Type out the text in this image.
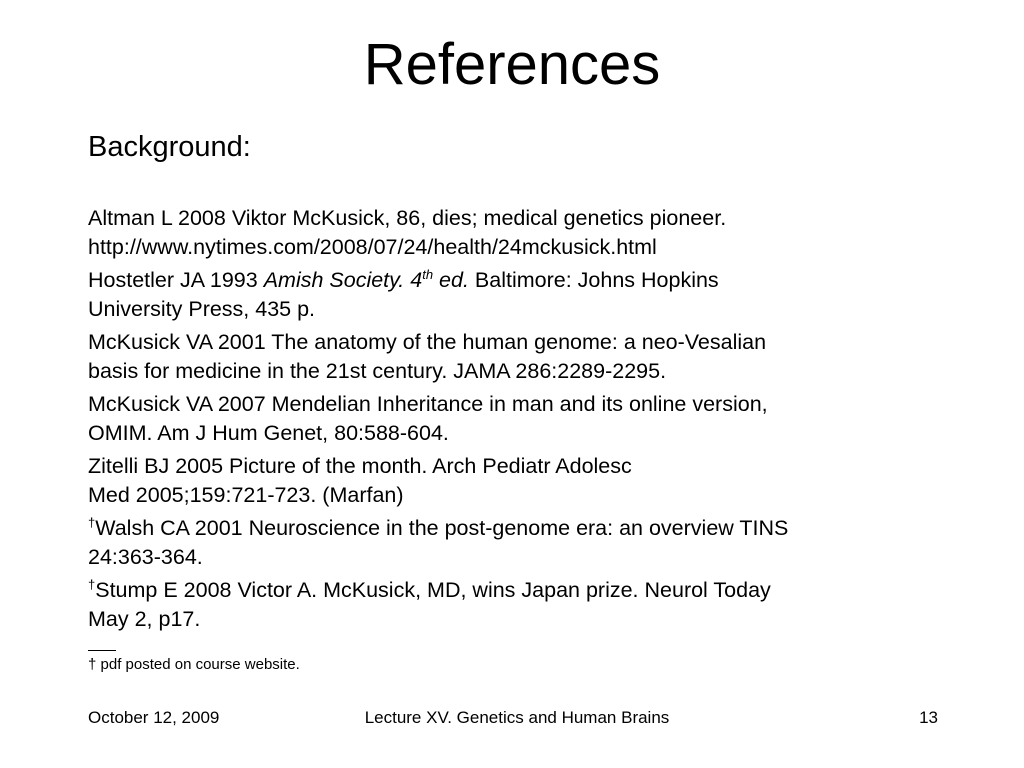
References
Background:

Altman L 2008 Viktor McKusick, 86, dies; medical genetics pioneer.
http://www.nytimes.com/2008/07/24/health/24mckusick.html

Hostetler JA 1993 Amish Society. 4th ed. Baltimore: Johns Hopkins
University Press, 435 p.

McKusick VA 2001 The anatomy of the human genome: a neo-Vesalian
basis for medicine in the 21st century. JAMA 286:2289-2295.

McKusick VA 2007 Mendelian Inheritance in man and its online version,
OMIM. Am J Hum Genet, 80:588-604.

Zitelli BJ 2005 Picture of the month. Arch Pediatr Adolesc
Med 2005;159:721-723. (Marfan)

†Walsh CA 2001 Neuroscience in the post-genome era: an overview TINS
24:363-364.

†Stump E 2008 Victor A. McKusick, MD, wins Japan prize. Neurol Today
May 2, p17.

† pdf posted on course website.
October 12, 2009	Lecture XV. Genetics and Human Brains	13
